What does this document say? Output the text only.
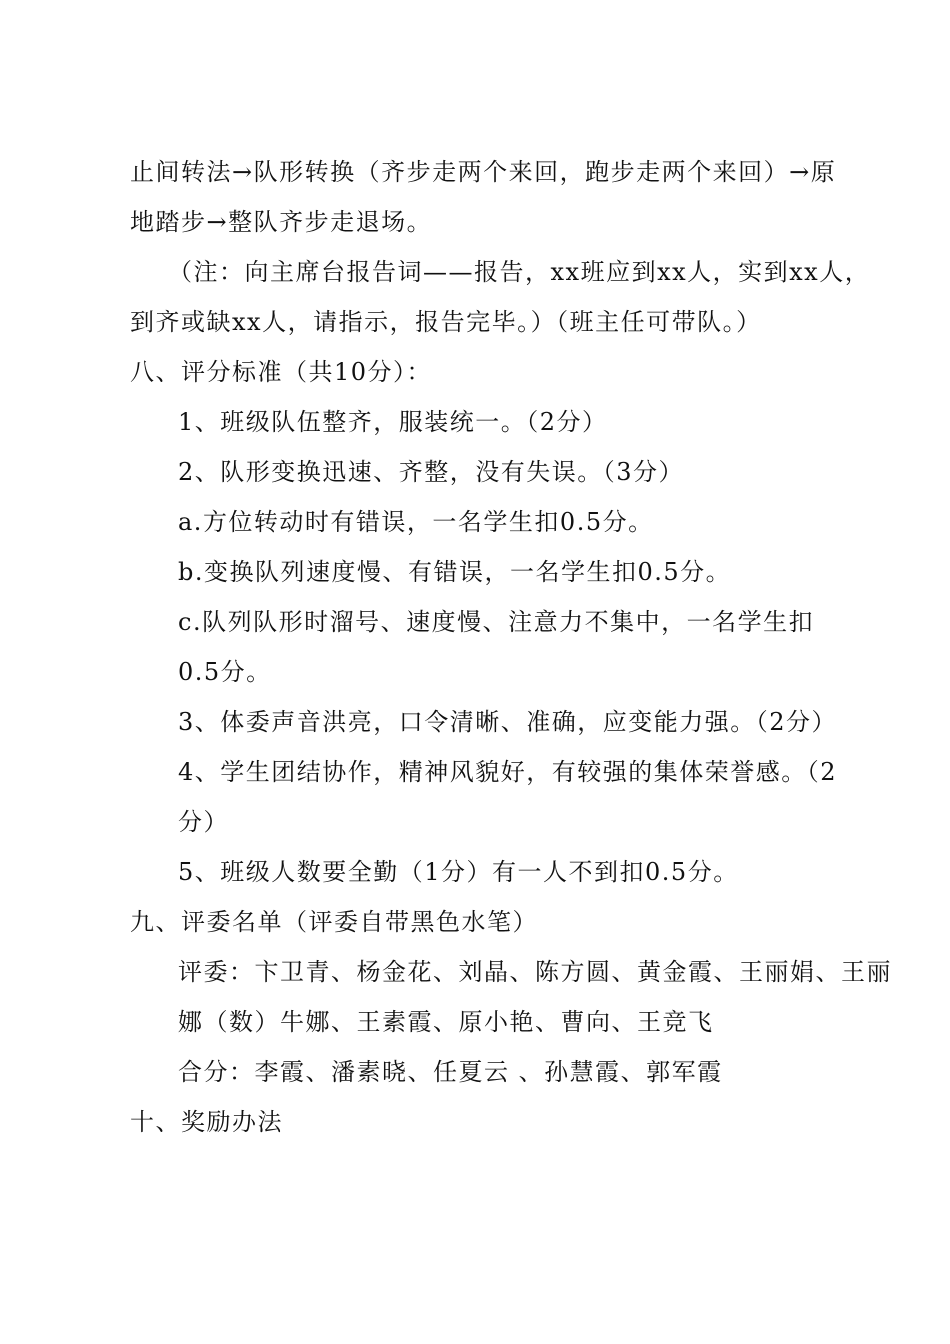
止间转法→队形转换（齐步走两个来回，跑步走两个来回）→原
地踏步→整队齐步走退场。
（注：向主席台报告词——报告，xx班应到xx人，实到xx人，
到齐或缺xx人，请指示，报告完毕。）（班主任可带队。）
八、评分标准（共10分）：
1、班级队伍整齐，服装统一。（2分）
2、队形变换迅速、齐整，没有失误。（3分）
a.方位转动时有错误，一名学生扣0.5分。
b.变换队列速度慢、有错误，一名学生扣0.5分。
c.队列队形时溜号、速度慢、注意力不集中，一名学生扣
0.5分。
3、体委声音洪亮，口令清晰、准确，应变能力强。（2分）
4、学生团结协作，精神风貌好，有较强的集体荣誉感。（2
分）
5、班级人数要全勤（1分）有一人不到扣0.5分。
九、评委名单（评委自带黑色水笔）
评委：卞卫青、杨金花、刘晶、陈方圆、黄金霞、王丽娟、王丽
娜（数）牛娜、王素霞、原小艳、曹向、王竞飞
合分：李霞、潘素晓、任夏云 、孙慧霞、郭军霞
十、奖励办法
